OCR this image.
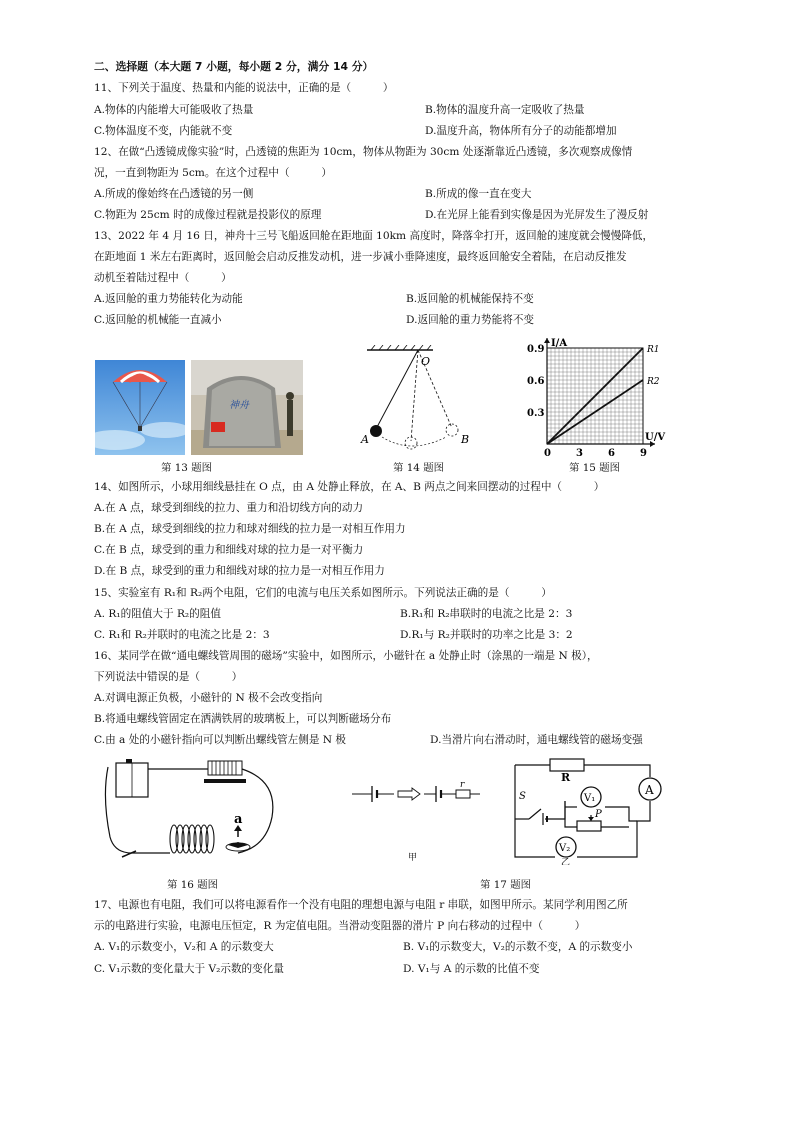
二、选择题（本大题 7 小题，每小题 2 分，满分 14 分）
11、下列关于温度、热量和内能的说法中，正确的是（　　　）
A.物体的内能增大可能吸收了热量	B.物体的温度升高一定吸收了热量
C.物体温度不变，内能就不变	D.温度升高，物体所有分子的动能都增加
12、在做“凸透镜成像实验”时，凸透镜的焦距为 10cm，物体从物距为 30cm 处逐渐靠近凸透镜，多次观察成像情
况，一直到物距为 5cm。在这个过程中（　　　）
A.所成的像始终在凸透镜的另一侧	B.所成的像一直在变大
C.物距为 25cm 时的成像过程就是投影仪的原理	D.在光屏上能看到实像是因为光屏发生了漫反射
13、2022 年 4 月 16 日，神舟十三号飞船返回舱在距地面 10km 高度时，降落伞打开，返回舱的速度就会慢慢降低，
在距地面 1 米左右距离时，返回舱会启动反推发动机，进一步减小垂降速度，最终返回舱安全着陆，在启动反推发
动机至着陆过程中（　　　）
A.返回舱的重力势能转化为动能	B.返回舱的机械能保持不变
C.返回舱的机械能一直减小	D.返回舱的重力势能将不变
神舟
第 13 题图
O
A	B
第 14 题图
R1
R2
0	3	6	9
0.3
0.6
0.9
I/A
U/V
第 15 题图
14、如图所示，小球用细线悬挂在 O 点，由 A 处静止释放，在 A、B 两点之间来回摆动的过程中（　　　）
A.在 A 点，球受到细线的拉力、重力和沿切线方向的动力
B.在 A 点，球受到细线的拉力和球对细线的拉力是一对相互作用力
C.在 B 点，球受到的重力和细线对球的拉力是一对平衡力
D.在 B 点，球受到的重力和细线对球的拉力是一对相互作用力
15、实验室有 R₁和 R₂两个电阻，它们的电流与电压关系如图所示。下列说法正确的是（　　　）
A. R₁的阻值大于 R₂的阻值	B.R₁和 R₂串联时的电流之比是 2：3
C. R₁和 R₂并联时的电流之比是 2：3	D.R₁与 R₂并联时的功率之比是 3：2
16、某同学在做“通电螺线管周围的磁场”实验中，如图所示，小磁针在 a 处静止时（涂黑的一端是 N 极），
下列说法中错误的是（　　　）
A.对调电源正负极，小磁针的 N 极不会改变指向
B.将通电螺线管固定在洒满铁屑的玻璃板上，可以判断磁场分布
C.由 a 处的小磁针指向可以判断出螺线管左侧是 N 极	D.当滑片向右滑动时，通电螺线管的磁场变强
a
第 16 题图
r
甲
R
A
V₁
P
S
V₂
乙
第 17 题图
17、电源也有电阻，我们可以将电源看作一个没有电阻的理想电源与电阻 r 串联，如图甲所示。某同学利用图乙所
示的电路进行实验，电源电压恒定，R 为定值电阻。当滑动变阻器的滑片 P 向右移动的过程中（　　　）
A. V₁的示数变小，V₂和 A 的示数变大	B. V₁的示数变大，V₂的示数不变，A 的示数变小
C. V₁示数的变化量大于 V₂示数的变化量	D. V₁与 A 的示数的比值不变
